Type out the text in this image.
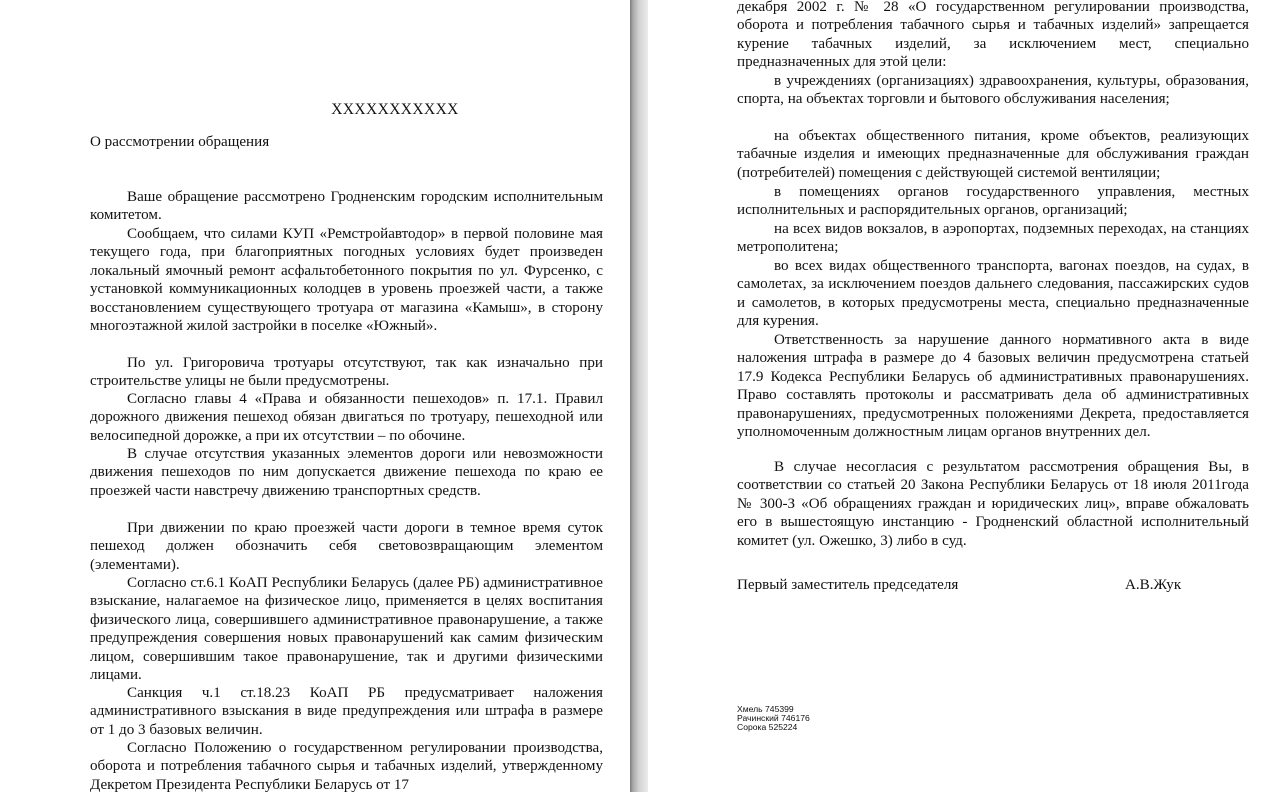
XXXXXXXXXXX

О рассмотрении обращения

Ваше обращение рассмотрено Гродненским городским исполнительным комитетом.

Сообщаем, что силами КУП «Ремстройавтодор» в первой половине мая текущего года, при благоприятных погодных условиях будет произведен локальный ямочный ремонт асфальтобетонного покрытия по ул. Фурсенко, с установкой коммуникационных колодцев в уровень проезжей части, а также восстановлением существующего тротуара от магазина «Камыш», в сторону многоэтажной жилой застройки в поселке «Южный».

По ул. Григоровича тротуары отсутствуют, так как изначально при строительстве улицы не были предусмотрены.

Согласно главы 4 «Права и обязанности пешеходов» п. 17.1. Правил дорожного движения пешеход обязан двигаться по тротуару, пешеходной или велосипедной дорожке, а при их отсутствии – по обочине.

В случае отсутствия указанных элементов дороги или невозможности движения пешеходов по ним допускается движение пешехода по краю ее проезжей части навстречу движению транспортных средств.

При движении по краю проезжей части дороги в темное время суток пешеход должен обозначить себя световозвращающим элементом (элементами).

Согласно ст.6.1 КоАП Республики Беларусь (далее РБ) административное взыскание, налагаемое на физическое лицо, применяется в целях воспитания физического лица, совершившего административное правонарушение, а также предупреждения совершения новых правонарушений как самим физическим лицом, совершившим такое правонарушение, так и другими физическими лицами.

Санкция ч.1 ст.18.23 КоАП РБ предусматривает наложения административного взыскания в виде предупреждения или штрафа в размере от 1 до 3 базовых величин.

Согласно Положению о государственном регулировании производства, оборота и потребления табачного сырья и табачных изделий, утвержденному Декретом Президента Республики Беларусь от 17

декабря 2002 г. № 28 «О государственном регулировании производства, оборота и потребления табачного сырья и табачных изделий» запрещается курение табачных изделий, за исключением мест, специально предназначенных для этой цели:

в учреждениях (организациях) здравоохранения, культуры, образования, спорта, на объектах торговли и бытового обслуживания населения;

на объектах общественного питания, кроме объектов, реализующих табачные изделия и имеющих предназначенные для обслуживания граждан (потребителей) помещения с действующей системой вентиляции;

в помещениях органов государственного управления, местных исполнительных и распорядительных органов, организаций;

на всех видов вокзалов, в аэропортах, подземных переходах, на станциях метрополитена;

во всех видах общественного транспорта, вагонах поездов, на судах, в самолетах, за исключением поездов дальнего следования, пассажирских судов и самолетов, в которых предусмотрены места, специально предназначенные для курения.

Ответственность за нарушение данного нормативного акта в виде наложения штрафа в размере до 4 базовых величин предусмотрена статьей 17.9 Кодекса Республики Беларусь об административных правонарушениях. Право составлять протоколы и рассматривать дела об административных правонарушениях, предусмотренных положениями Декрета, предоставляется уполномоченным должностным лицам органов внутренних дел.

В случае несогласия с результатом рассмотрения обращения Вы, в соответствии со статьей 20 Закона Республики Беларусь от 18 июля 2011года № 300-З «Об обращениях граждан и юридических лиц», вправе обжаловать его в вышестоящую инстанцию - Гродненский областной исполнительный комитет (ул. Ожешко, 3) либо в суд.

Первый заместитель председателя	А.В.Жук

Хмель 745399

Рачинский 746176

Сорока 525224
